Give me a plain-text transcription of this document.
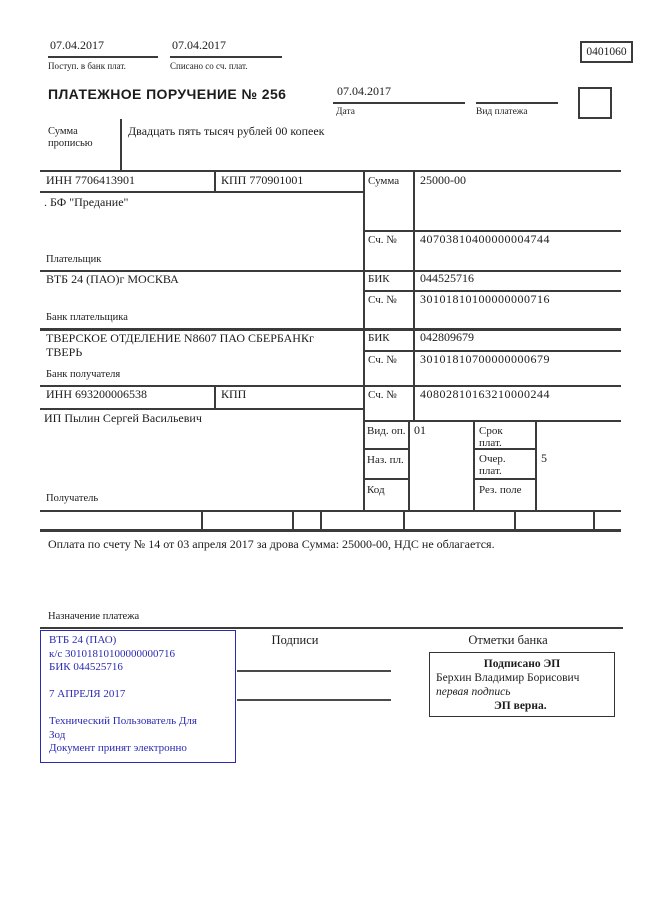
07.04.2017
Поступ. в банк плат.
07.04.2017
Списано со сч. плат.
0401060
ПЛАТЕЖНОЕ ПОРУЧЕНИЕ № 256	07.04.2017
Дата	Вид платежа
Сумма прописью
Двадцать пять тысяч рублей 00 копеек
ИНН 7706413901	КПП 770901001	Сумма 25000-00
. БФ "Предание"
Сч. № 40703810400000004744
Плательщик
ВТБ 24 (ПАО)г МОСКВА	БИК	044525716
Сч. № 30101810100000000716
Банк плательщика
ТВЕРСКОЕ ОТДЕЛЕНИЕ N8607 ПАО СБЕРБАНКг ТВЕРЬ
БИК	042809679
Сч. № 30101810700000000679
Банк получателя
ИНН 693200006538	КПП	Сч. № 40802810163210000244
ИП Пылин Сергей Васильевич
Получатель
Вид. оп. 01	Срок плат.
Наз. пл.	Очер. плат.
5
Код	Рез. поле
Оплата по счету № 14 от 03 апреля 2017 за дрова Сумма: 25000-00, НДС не облагается.
Назначение платежа
ВТБ 24 (ПАО)
к/с 30101810100000000716
БИК 044525716
7 АПРЕЛЯ 2017
Технический Пользователь Для
Зод
Документ принят электронно
Подписи	Отметки банка
Подписано ЭП
Берхин Владимир Борисович
первая подпись
ЭП верна.
